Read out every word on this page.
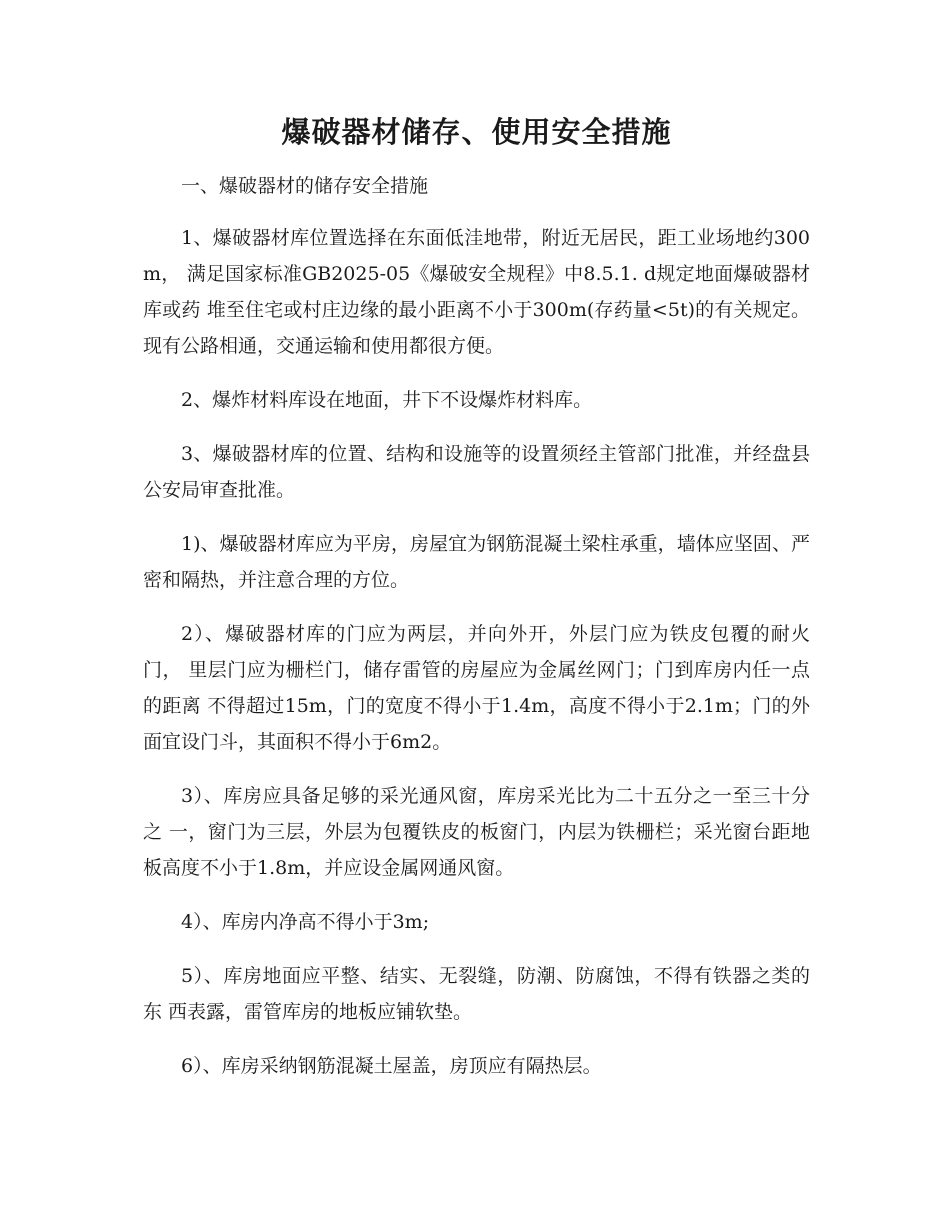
爆破器材储存、使用安全措施

一、爆破器材的储存安全措施

1、爆破器材库位置选择在东面低洼地带，附近无居民，距工业场地约300m， 满足国家标准GB2025-05《爆破安全规程》中8.5.1. d规定地面爆破器材库或药 堆至住宅或村庄边缘的最小距离不小于300m(存药量<5t)的有关规定。现有公路相通，交通运输和使用都很方便。

2、爆炸材料库设在地面，井下不设爆炸材料库。

3、爆破器材库的位置、结构和设施等的设置须经主管部门批准，并经盘县公安局审查批准。

1)、爆破器材库应为平房，房屋宜为钢筋混凝土梁柱承重，墙体应坚固、严密和隔热，并注意合理的方位。

2）、爆破器材库的门应为两层，并向外开，外层门应为铁皮包覆的耐火门， 里层门应为栅栏门，储存雷管的房屋应为金属丝网门；门到库房内任一点的距离 不得超过15m，门的宽度不得小于1.4m，高度不得小于2.1m；门的外面宜设门斗，其面积不得小于6m2。

3）、库房应具备足够的采光通风窗，库房采光比为二十五分之一至三十分之 一，窗门为三层，外层为包覆铁皮的板窗门，内层为铁栅栏；采光窗台距地板高度不小于1.8m，并应设金属网通风窗。

4）、库房内净高不得小于3m;

5）、库房地面应平整、结实、无裂缝，防潮、防腐蚀，不得有铁器之类的东 西表露，雷管库房的地板应铺软垫。

6）、库房采纳钢筋混凝土屋盖，房顶应有隔热层。
